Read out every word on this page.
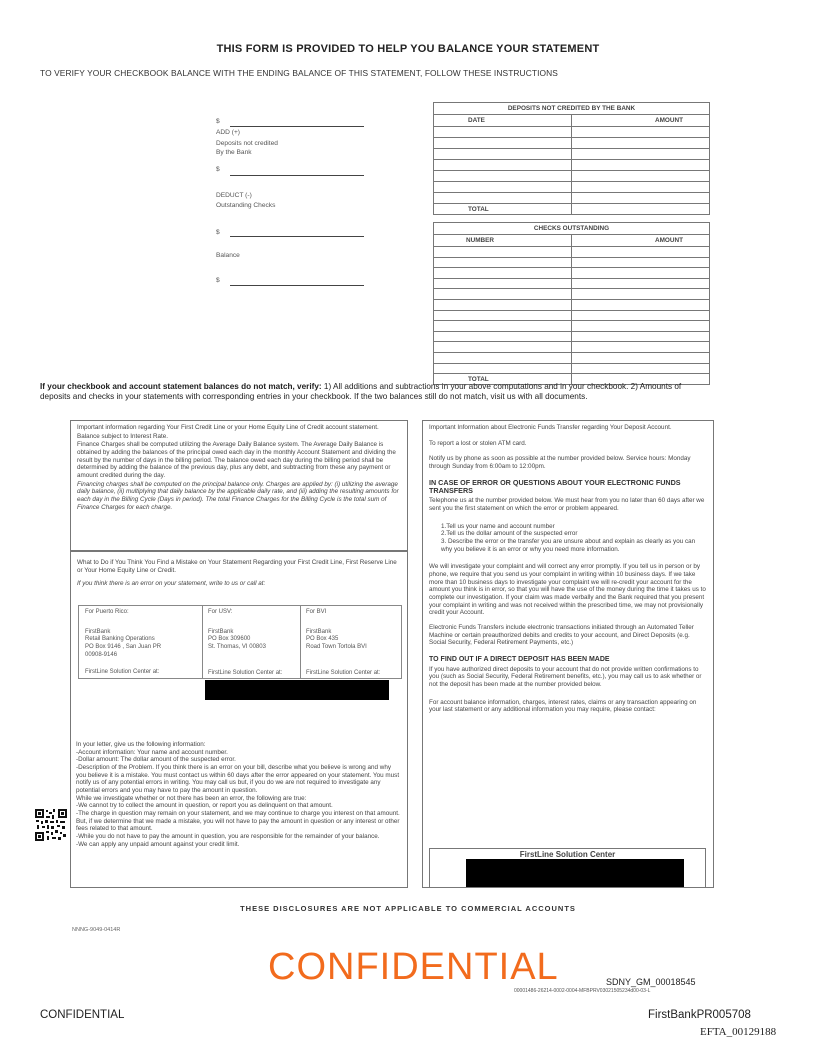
THIS FORM IS PROVIDED TO HELP YOU BALANCE YOUR STATEMENT
TO VERIFY YOUR CHECKBOOK BALANCE WITH THE ENDING BALANCE OF THIS STATEMENT, FOLLOW THESE INSTRUCTIONS
$
ADD (+)
Deposits not credited
By the Bank
$
DEDUCT (-)
Outstanding Checks
$
Balance
$
DEPOSITS NOT CREDITED BY THE BANK	
DATE	AMOUNT

TOTAL	
CHECKS OUTSTANDING	
NUMBER	AMOUNT

TOTAL	
If your checkbook and account statement balances do not match, verify: 1) All additions and subtractions in your above computations and in your checkbook. 2) Amounts of deposits and checks in your statements with corresponding entries in your checkbook. If the two balances still do not match, visit us with all documents.

Important information regarding Your First Credit Line or your Home Equity Line of Credit account statement.

Balance subject to Interest Rate.

Finance Charges shall be computed utilizing the Average Daily Balance system. The Average Daily Balance is obtained by adding the balances of the principal owed each day in the monthly Account Statement and dividing the result by the number of days in the billing period. The balance owed each day during the billing period shall be determined by adding the balance of the previous day, plus any debt, and subtracting from these any payment or amount credited during the day.

Financing charges shall be computed on the principal balance only. Charges are applied by: (i) utilizing the average daily balance, (ii) multiplying that daily balance by the applicable daily rate, and (iii) adding the resulting amounts for each day in the Billing Cycle (Days in period). The total Finance Charges for the Billing Cycle is the total sum of Finance Charges for each charge.

What to Do if You Think You Find a Mistake on Your Statement Regarding your First Credit Line, First Reserve Line or Your Home Equity Line or Credit.

If you think there is an error on your statement, write to us or call at:

For Puerto Rico:
FirstBank
Retail Banking Operations
PO Box 9146 , San Juan PR
00908-9146
FirstLine Solution Center at:
For USV:
FirstBank
PO Box 309600
St. Thomas, VI 00803
FirstLine Solution Center at:
For BVI
FirstBank
PO Box 435
Road Town Tortola BVI
FirstLine Solution Center at:
In your letter, give us the following information:
-Account information: Your name and account number.
-Dollar amount: The dollar amount of the suspected error.
-Description of the Problem. If you think there is an error on your bill, describe what you believe is wrong and why you believe it is a mistake. You must contact us within 60 days after the error appeared on your statement. You must notify us of any potential errors in writing. You may call us but, if you do we are not required to investigate any potential errors and you may have to pay the amount in question.
While we investigate whether or not there has been an error, the following are true:
-We cannot try to collect the amount in question, or report you as delinquent on that amount.
-The charge in question may remain on your statement, and we may continue to charge you interest on that amount. But, if we determine that we made a mistake, you will not have to pay the amount in question or any interest or other fees related to that amount.
-While you do not have to pay the amount in question, you are responsible for the remainder of your balance.
-We can apply any unpaid amount against your credit limit.

Important Information about Electronic Funds Transfer regarding Your Deposit Account.

To report a lost or stolen ATM card.

Notify us by phone as soon as possible at the number provided below. Service hours: Monday through Sunday from 6:00am to 12:00pm.

IN CASE OF ERROR OR QUESTIONS ABOUT YOUR ELECTRONIC FUNDS TRANSFERS

Telephone us at the number provided below. We must hear from you no later than 60 days after we sent you the first statement on which the error or problem appeared.

1.Tell us your name and account number
2.Tell us the dollar amount of the suspected error
3. Describe the error or the transfer you are unsure about and explain as clearly as you can why you believe it is an error or why you need more information.

We will investigate your complaint and will correct any error promptly. If you tell us in person or by phone, we require that you send us your complaint in writing within 10 business days. If we take more than 10 business days to investigate your complaint we will re-credit your account for the amount you think is in error, so that you will have the use of the money during the time it takes us to complete our investigation. If your claim was made verbally and the Bank required that you present your complaint in writing and was not received within the prescribed time, we may not provisionally credit your Account.

Electronic Funds Transfers include electronic transactions initiated through an Automated Teller Machine or certain preauthorized debits and credits to your account, and Direct Deposits (e.g. Social Security, Federal Retirement Payments, etc.)

TO FIND OUT IF A DIRECT DEPOSIT HAS BEEN MADE

If you have authorized direct deposits to your account that do not provide written confirmations to you (such as Social Security, Federal Retirement benefits, etc.), you may call us to ask whether or not the deposit has been made at the number provided below.

For account balance information, charges, interest rates, claims or any transaction appearing on your last statement or any additional information you may require, please contact:

FirstLine Solution Center
THESE DISCLOSURES ARE NOT APPLICABLE TO COMMERCIAL ACCOUNTS
NNNG-9049-0414R
CONFIDENTIAL	SDNY_GM_00018545
00001486-26214-0002-0004-MFBPRV03021505234d00-03-L
CONFIDENTIAL	FirstBankPR005708
EFTA_00129188
